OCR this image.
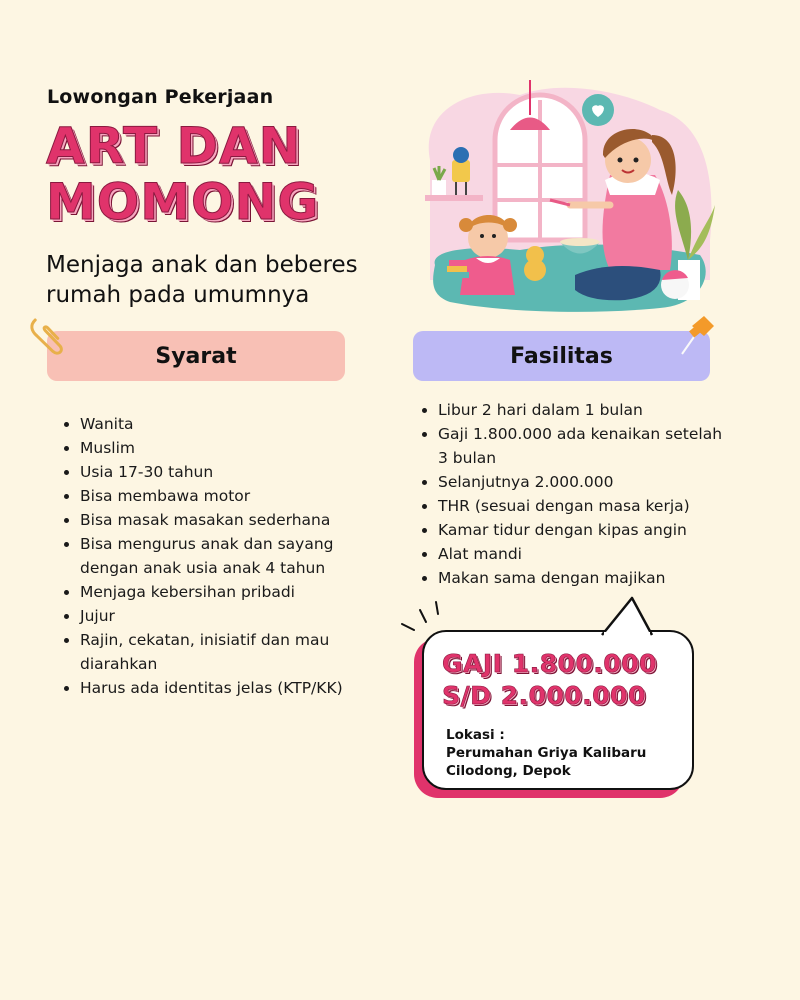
Lowongan Pekerjaan
ART DAN
MOMONG
Menjaga anak dan beberes
rumah pada umumnya
Syarat	Fasilitas
Wanita
Muslim
Usia 17-30 tahun
Bisa membawa motor
Bisa masak masakan sederhana
Bisa mengurus anak dan sayang dengan anak usia anak 4 tahun
Menjaga kebersihan pribadi
Jujur
Rajin, cekatan, inisiatif dan mau diarahkan
Harus ada identitas jelas (KTP/KK)
Libur 2 hari dalam 1 bulan
Gaji 1.800.000 ada kenaikan setelah 3 bulan
Selanjutnya 2.000.000
THR (sesuai dengan masa kerja)
Kamar tidur dengan kipas angin
Alat mandi
Makan sama dengan majikan
GAJI 1.800.000
S/D 2.000.000
Lokasi :
Perumahan Griya Kalibaru
Cilodong, Depok
